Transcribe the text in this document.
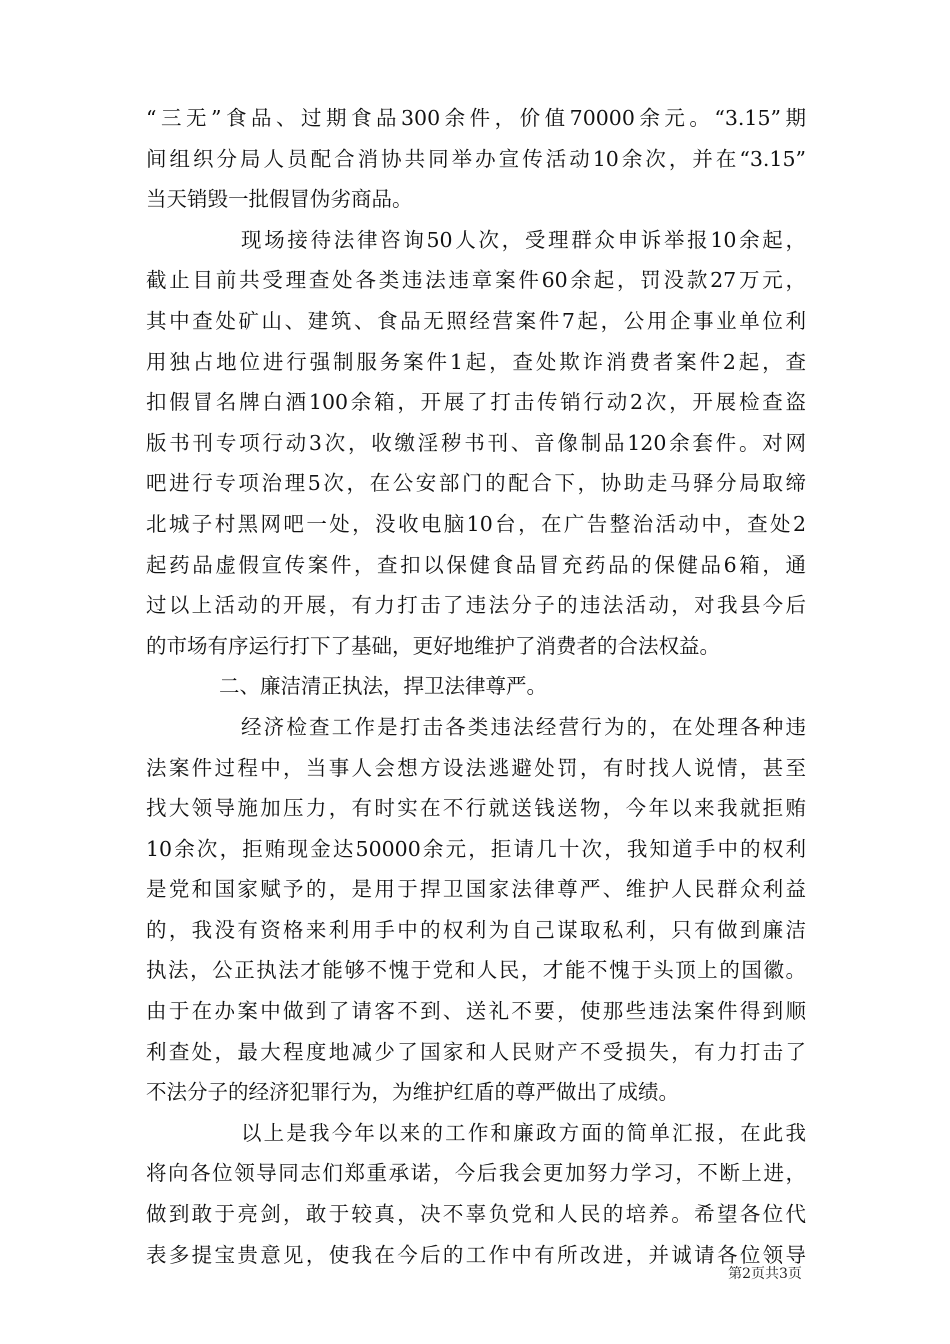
“三无”食品、过期食品300余件，价值70000余元。“3.15”期
间组织分局人员配合消协共同举办宣传活动10余次，并在“3.15”
当天销毁一批假冒伪劣商品。
现场接待法律咨询50人次，受理群众申诉举报10余起，
截止目前共受理查处各类违法违章案件60余起，罚没款27万元，
其中查处矿山、建筑、食品无照经营案件7起，公用企事业单位利
用独占地位进行强制服务案件1起，查处欺诈消费者案件2起，查
扣假冒名牌白酒100余箱，开展了打击传销行动2次，开展检查盗
版书刊专项行动3次，收缴淫秽书刊、音像制品120余套件。对网
吧进行专项治理5次，在公安部门的配合下，协助走马驿分局取缔
北城子村黑网吧一处，没收电脑10台，在广告整治活动中，查处2
起药品虚假宣传案件，查扣以保健食品冒充药品的保健品6箱，通
过以上活动的开展，有力打击了违法分子的违法活动，对我县今后
的市场有序运行打下了基础，更好地维护了消费者的合法权益。
二、廉洁清正执法，捍卫法律尊严。
经济检查工作是打击各类违法经营行为的，在处理各种违
法案件过程中，当事人会想方设法逃避处罚，有时找人说情，甚至
找大领导施加压力，有时实在不行就送钱送物，今年以来我就拒贿
10余次，拒贿现金达50000余元，拒请几十次，我知道手中的权利
是党和国家赋予的，是用于捍卫国家法律尊严、维护人民群众利益
的，我没有资格来利用手中的权利为自己谋取私利，只有做到廉洁
执法，公正执法才能够不愧于党和人民，才能不愧于头顶上的国徽。
由于在办案中做到了请客不到、送礼不要，使那些违法案件得到顺
利查处，最大程度地减少了国家和人民财产不受损失，有力打击了
不法分子的经济犯罪行为，为维护红盾的尊严做出了成绩。
以上是我今年以来的工作和廉政方面的简单汇报，在此我
将向各位领导同志们郑重承诺，今后我会更加努力学习，不断上进，
做到敢于亮剑，敢于较真，决不辜负党和人民的培养。希望各位代
表多提宝贵意见，使我在今后的工作中有所改进，并诚请各位领导
第2页共3页
